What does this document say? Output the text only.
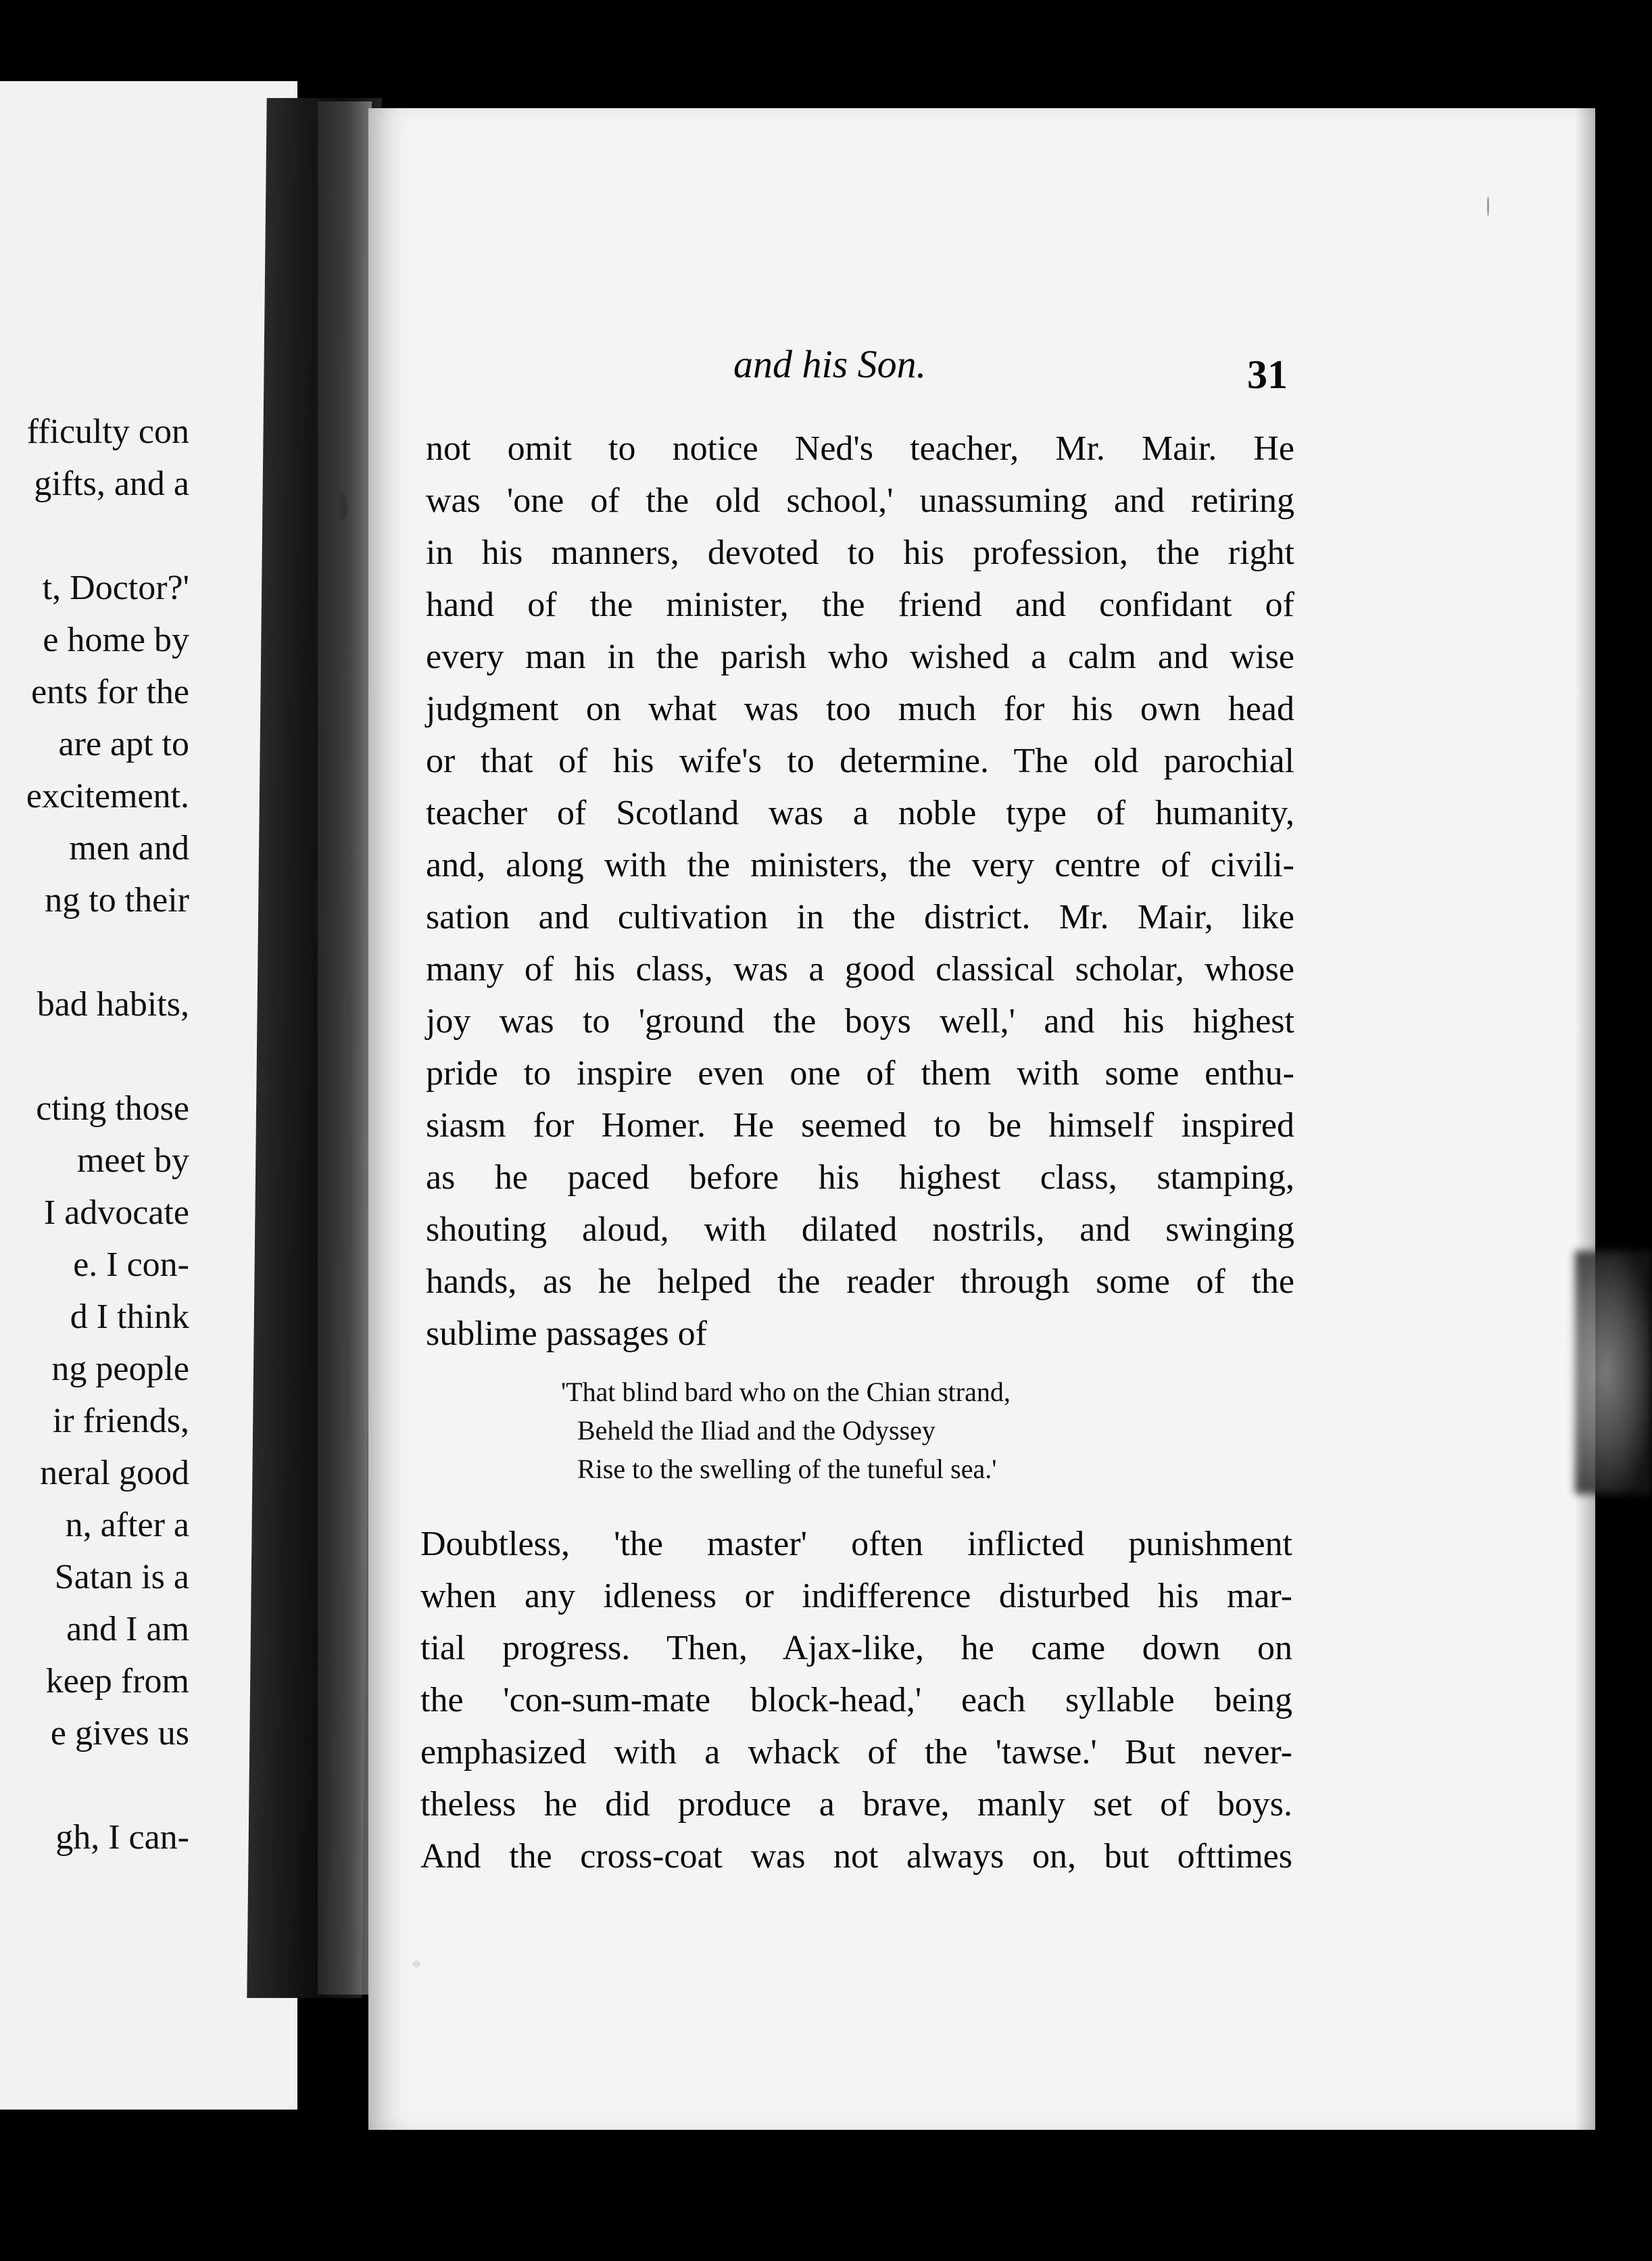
fficulty con
gifts, and a
t, Doctor?'
e home by
ents for the
are apt to
excitement.
men and
ng to their
bad habits,
cting those
meet by
I advocate
e. I con-
d I think
ng people
ir friends,
neral good
n, after a
Satan is a
and I am
keep from
e gives us
gh, I can-
and his Son.	31
not omit to notice Ned's teacher, Mr. Mair. He
was 'one of the old school,' unassuming and retiring
in his manners, devoted to his profession, the right
hand of the minister, the friend and confidant of
every man in the parish who wished a calm and wise
judgment on what was too much for his own head
or that of his wife's to determine. The old parochial
teacher of Scotland was a noble type of humanity,
and, along with the ministers, the very centre of civili-
sation and cultivation in the district. Mr. Mair, like
many of his class, was a good classical scholar, whose
joy was to 'ground the boys well,' and his highest
pride to inspire even one of them with some enthu-
siasm for Homer. He seemed to be himself inspired
as he paced before his highest class, stamping,
shouting aloud, with dilated nostrils, and swinging
hands, as he helped the reader through some of the
sublime passages of
'That blind bard who on the Chian strand,
Beheld the Iliad and the Odyssey
Rise to the swelling of the tuneful sea.'
Doubtless, 'the master' often inflicted punishment
when any idleness or indifference disturbed his mar-
tial progress. Then, Ajax-like, he came down on
the 'con-sum-mate block-head,' each syllable being
emphasized with a whack of the 'tawse.' But never-
theless he did produce a brave, manly set of boys.
And the cross-coat was not always on, but ofttimes
